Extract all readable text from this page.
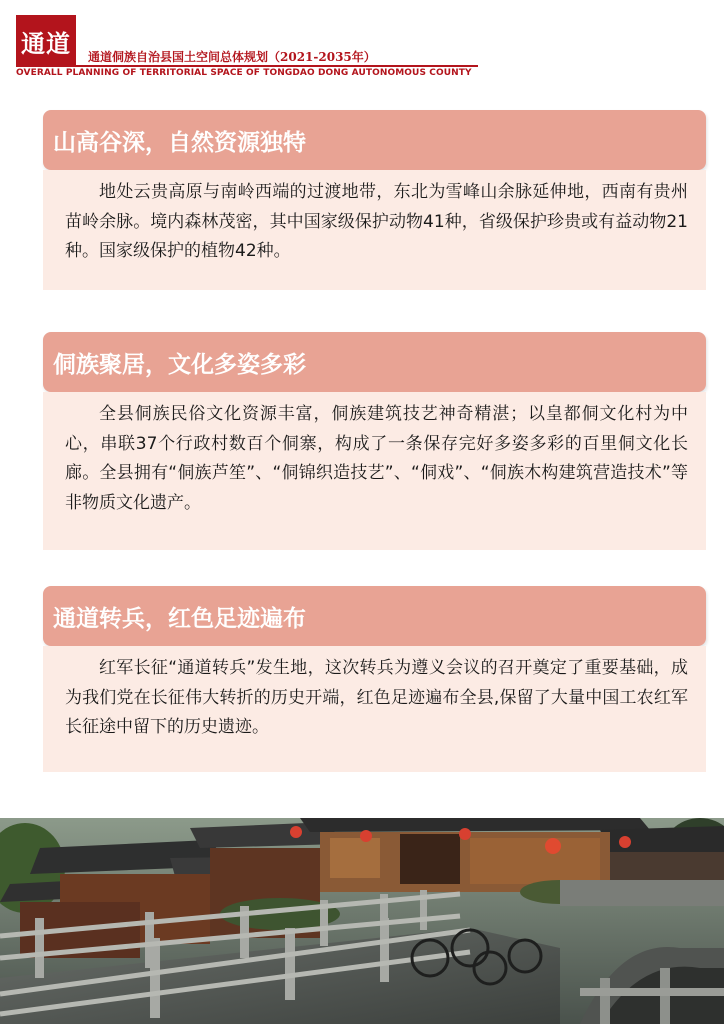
通道	通道侗族自治县国土空间总体规划（2021-2035年）
OVERALL PLANNING OF TERRITORIAL SPACE OF TONGDAO DONG AUTONOMOUS COUNTY
山高谷深，自然资源独特
地处云贵高原与南岭西端的过渡地带，东北为雪峰山余脉延伸地，西南有贵州苗岭余脉。境内森林茂密，其中国家级保护动物41种，省级保护珍贵或有益动物21种。国家级保护的植物42种。
侗族聚居，文化多姿多彩
全县侗族民俗文化资源丰富，侗族建筑技艺神奇精湛；以皇都侗文化村为中心，串联37个行政村数百个侗寨，构成了一条保存完好多姿多彩的百里侗文化长廊。全县拥有“侗族芦笙”、“侗锦织造技艺”、“侗戏”、“侗族木构建筑营造技术”等非物质文化遗产。
通道转兵，红色足迹遍布
红军长征“通道转兵”发生地，这次转兵为遵义会议的召开奠定了重要基础，成为我们党在长征伟大转折的历史开端，红色足迹遍布全县,保留了大量中国工农红军长征途中留下的历史遗迹。
